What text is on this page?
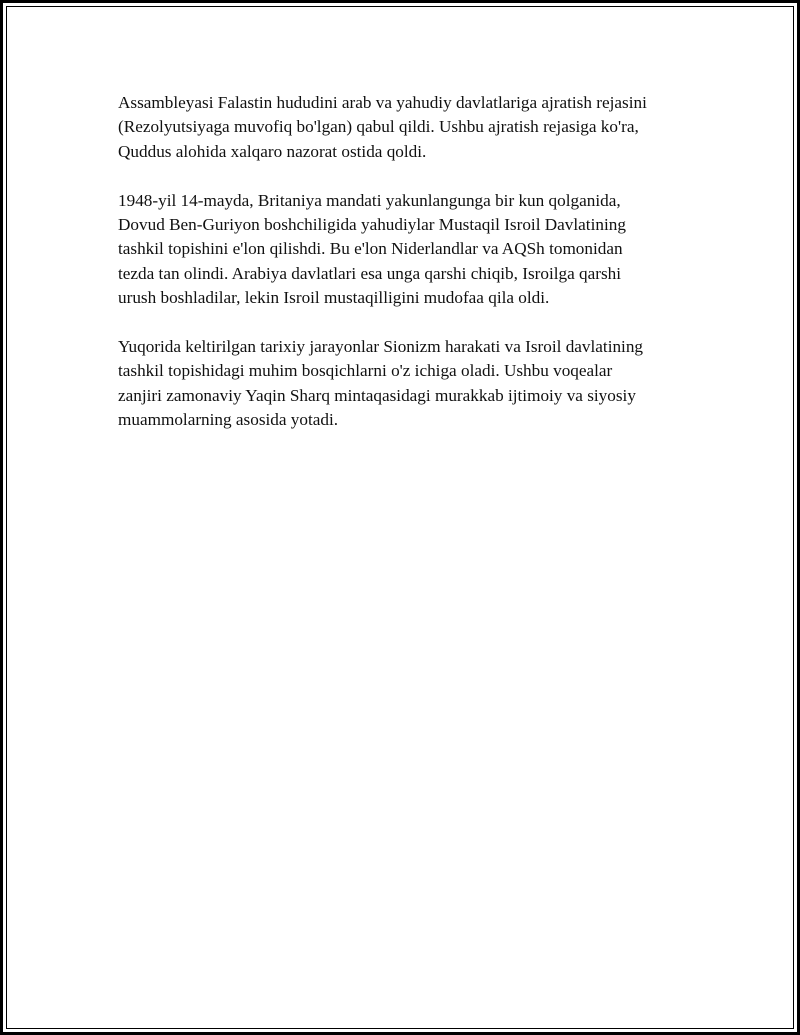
Assambleyasi Falastin hududini arab va yahudiy davlatlariga ajratish rejasini
(Rezolyutsiyaga muvofiq bo'lgan) qabul qildi. Ushbu ajratish rejasiga ko'ra,
Quddus alohida xalqaro nazorat ostida qoldi.

1948-yil 14-mayda, Britaniya mandati yakunlangunga bir kun qolganida,
Dovud Ben-Guriyon boshchiligida yahudiylar Mustaqil Isroil Davlatining
tashkil topishini e'lon qilishdi. Bu e'lon Niderlandlar va AQSh tomonidan
tezda tan olindi. Arabiya davlatlari esa unga qarshi chiqib, Isroilga qarshi
urush boshladilar, lekin Isroil mustaqilligini mudofaa qila oldi.

Yuqorida keltirilgan tarixiy jarayonlar Sionizm harakati va Isroil davlatining
tashkil topishidagi muhim bosqichlarni o'z ichiga oladi. Ushbu voqealar
zanjiri zamonaviy Yaqin Sharq mintaqasidagi murakkab ijtimoiy va siyosiy
muammolarning asosida yotadi.
